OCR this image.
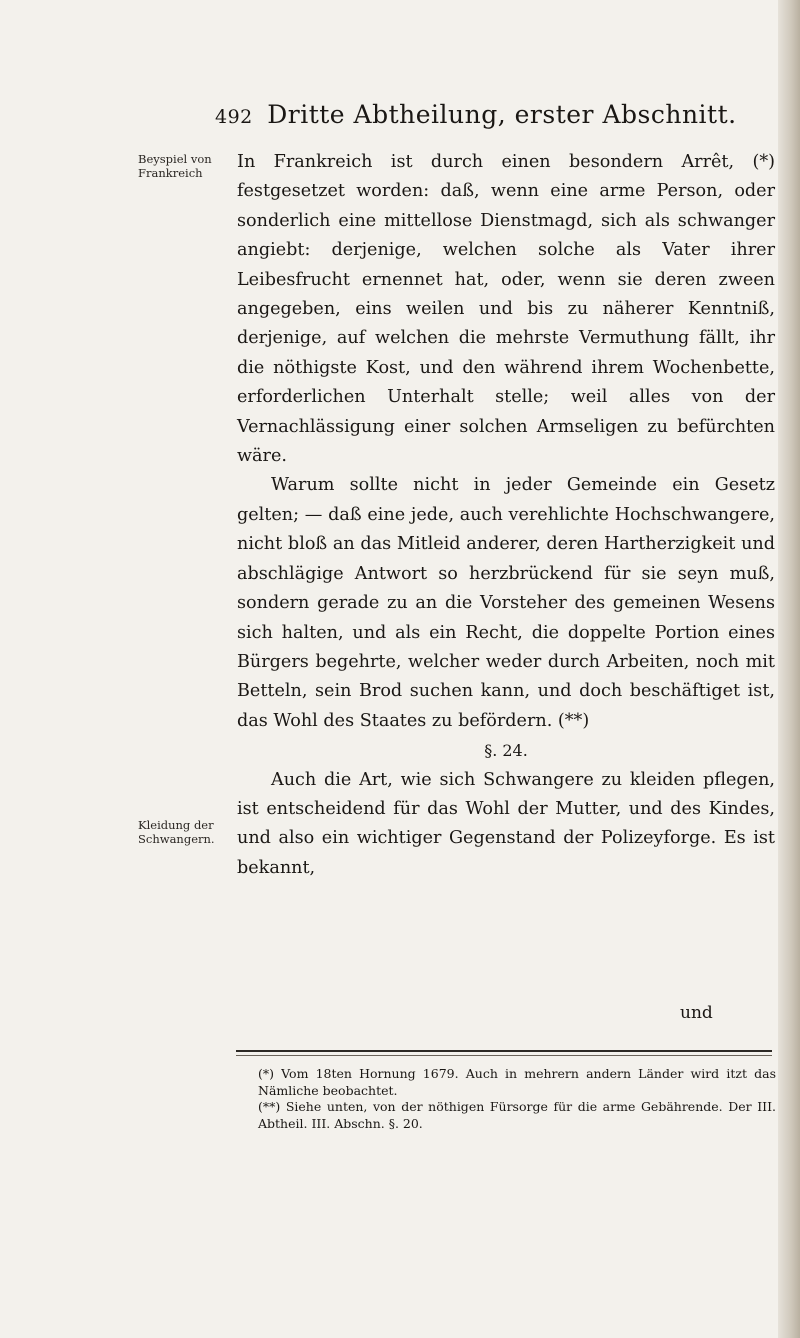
492 Dritte Abtheilung, erster Abschnitt.
Beyspiel von Frankreich
Kleidung der Schwangern.

In Frankreich ist durch einen besondern Arrêt, (*) festgesetzet worden: daß, wenn eine arme Person, oder sonderlich eine mittellose Dienstmagd, sich als schwanger angiebt: derjenige, welchen solche als Vater ihrer Leibesfrucht ernennet hat, oder, wenn sie deren zween angegeben, eins weilen und bis zu näherer Kenntniß, derjenige, auf welchen die mehrste Vermuthung fällt, ihr die nöthigste Kost, und den während ihrem Wochenbette, erforderlichen Unterhalt stelle; weil alles von der Vernachlässigung einer solchen Armseligen zu befürchten wäre.

Warum sollte nicht in jeder Gemeinde ein Gesetz gelten; — daß eine jede, auch verehlichte Hochschwangere, nicht bloß an das Mitleid anderer, deren Hartherzigkeit und abschlägige Antwort so herzbrückend für sie seyn muß, sondern gerade zu an die Vorsteher des gemeinen Wesens sich halten, und als ein Recht, die doppelte Portion eines Bürgers begehrte, welcher weder durch Arbeiten, noch mit Betteln, sein Brod suchen kann, und doch beschäftiget ist, das Wohl des Staates zu befördern. (**)

§. 24.

Auch die Art, wie sich Schwangere zu kleiden pflegen, ist entscheidend für das Wohl der Mutter, und des Kindes, und also ein wichtiger Gegenstand der Polizeyforge. Es ist bekannt,

und

(*) Vom 18ten Hornung 1679. Auch in mehrern andern Länder wird itzt das Nämliche beobachtet.

(**) Siehe unten, von der nöthigen Fürsorge für die arme Gebährende. Der III. Abtheil. III. Abschn. §. 20.
